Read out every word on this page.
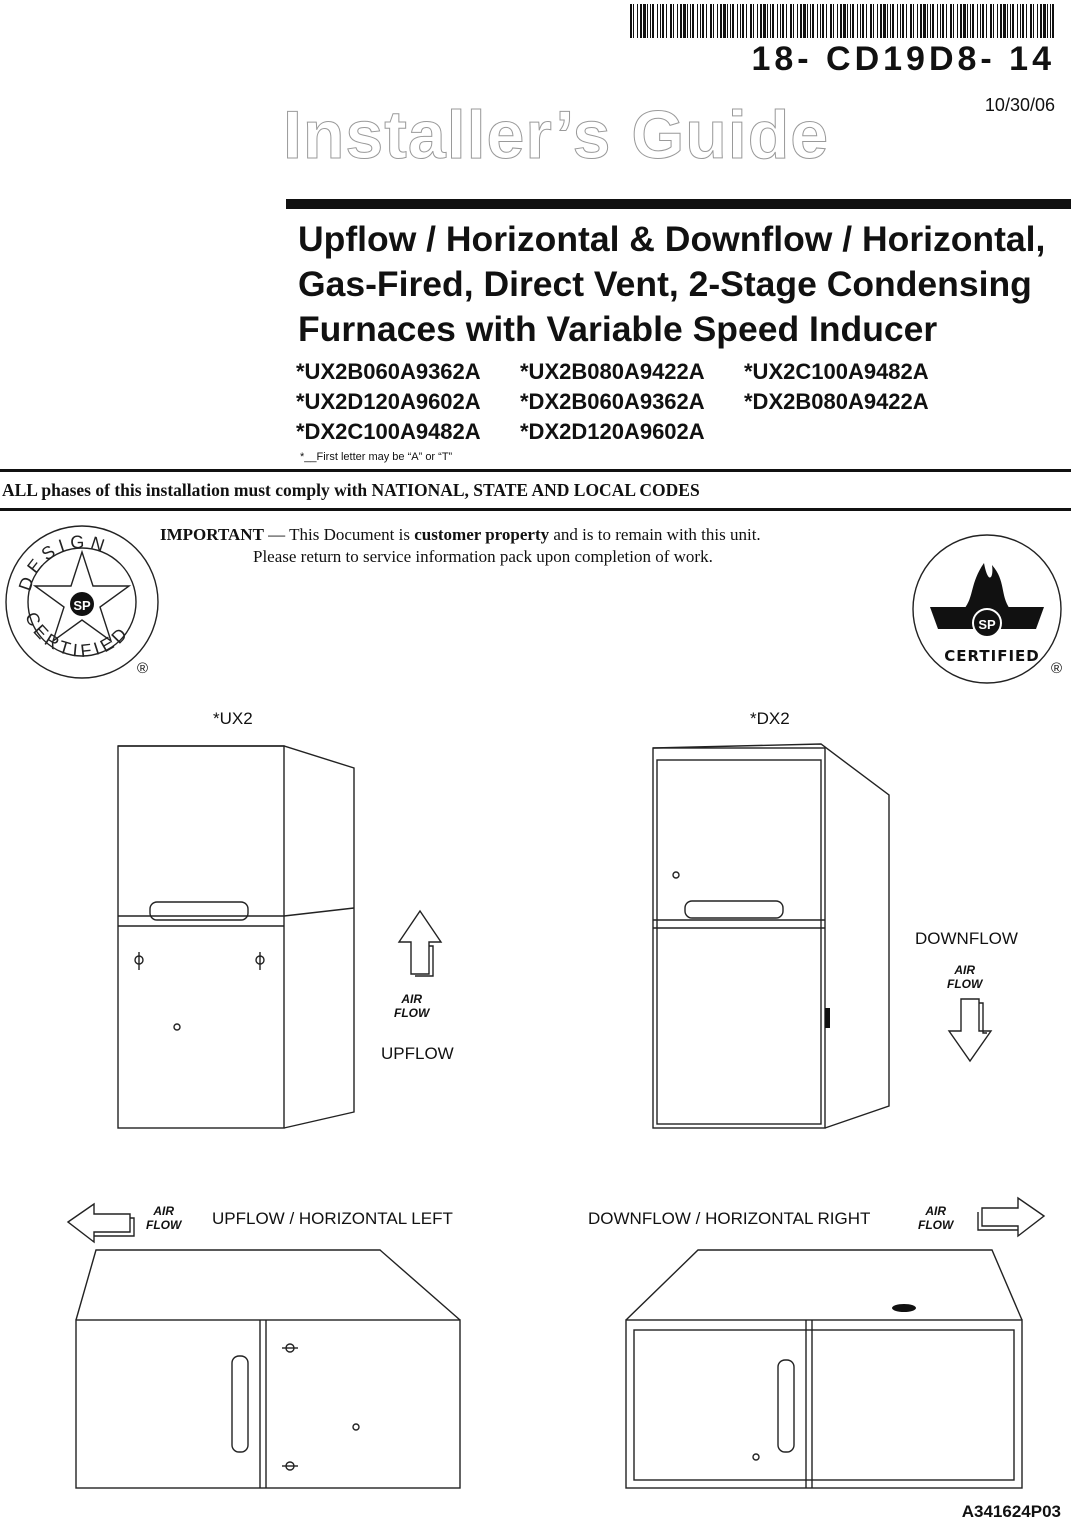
18- CD19D8- 14
10/30/06
Installer’s Guide
Upflow / Horizontal & Downflow / Horizontal, Gas-Fired, Direct Vent, 2-Stage Condensing Furnaces with Variable Speed Inducer
*UX2B060A9362A *UX2B080A9422A *UX2C100A9482A
*UX2D120A9602A *DX2B060A9362A *DX2B080A9422A
*DX2C100A9482A *DX2D120A9602A
*__First letter may be “A” or “T”
ALL phases of this installation must comply with NATIONAL, STATE AND LOCAL CODES
IMPORTANT — This Document is customer property and is to remain with this unit.
Please return to service information pack upon completion of work.
SP
DESIGN
CERTIFIED
®
SP
CERTIFIED
®
*UX2
AIR
FLOW
UPFLOW
*DX2
DOWNFLOW
AIR
FLOW
AIR
FLOW UPFLOW / HORIZONTAL LEFT	DOWNFLOW / HORIZONTAL RIGHT	AIR
FLOW
A341624P03
